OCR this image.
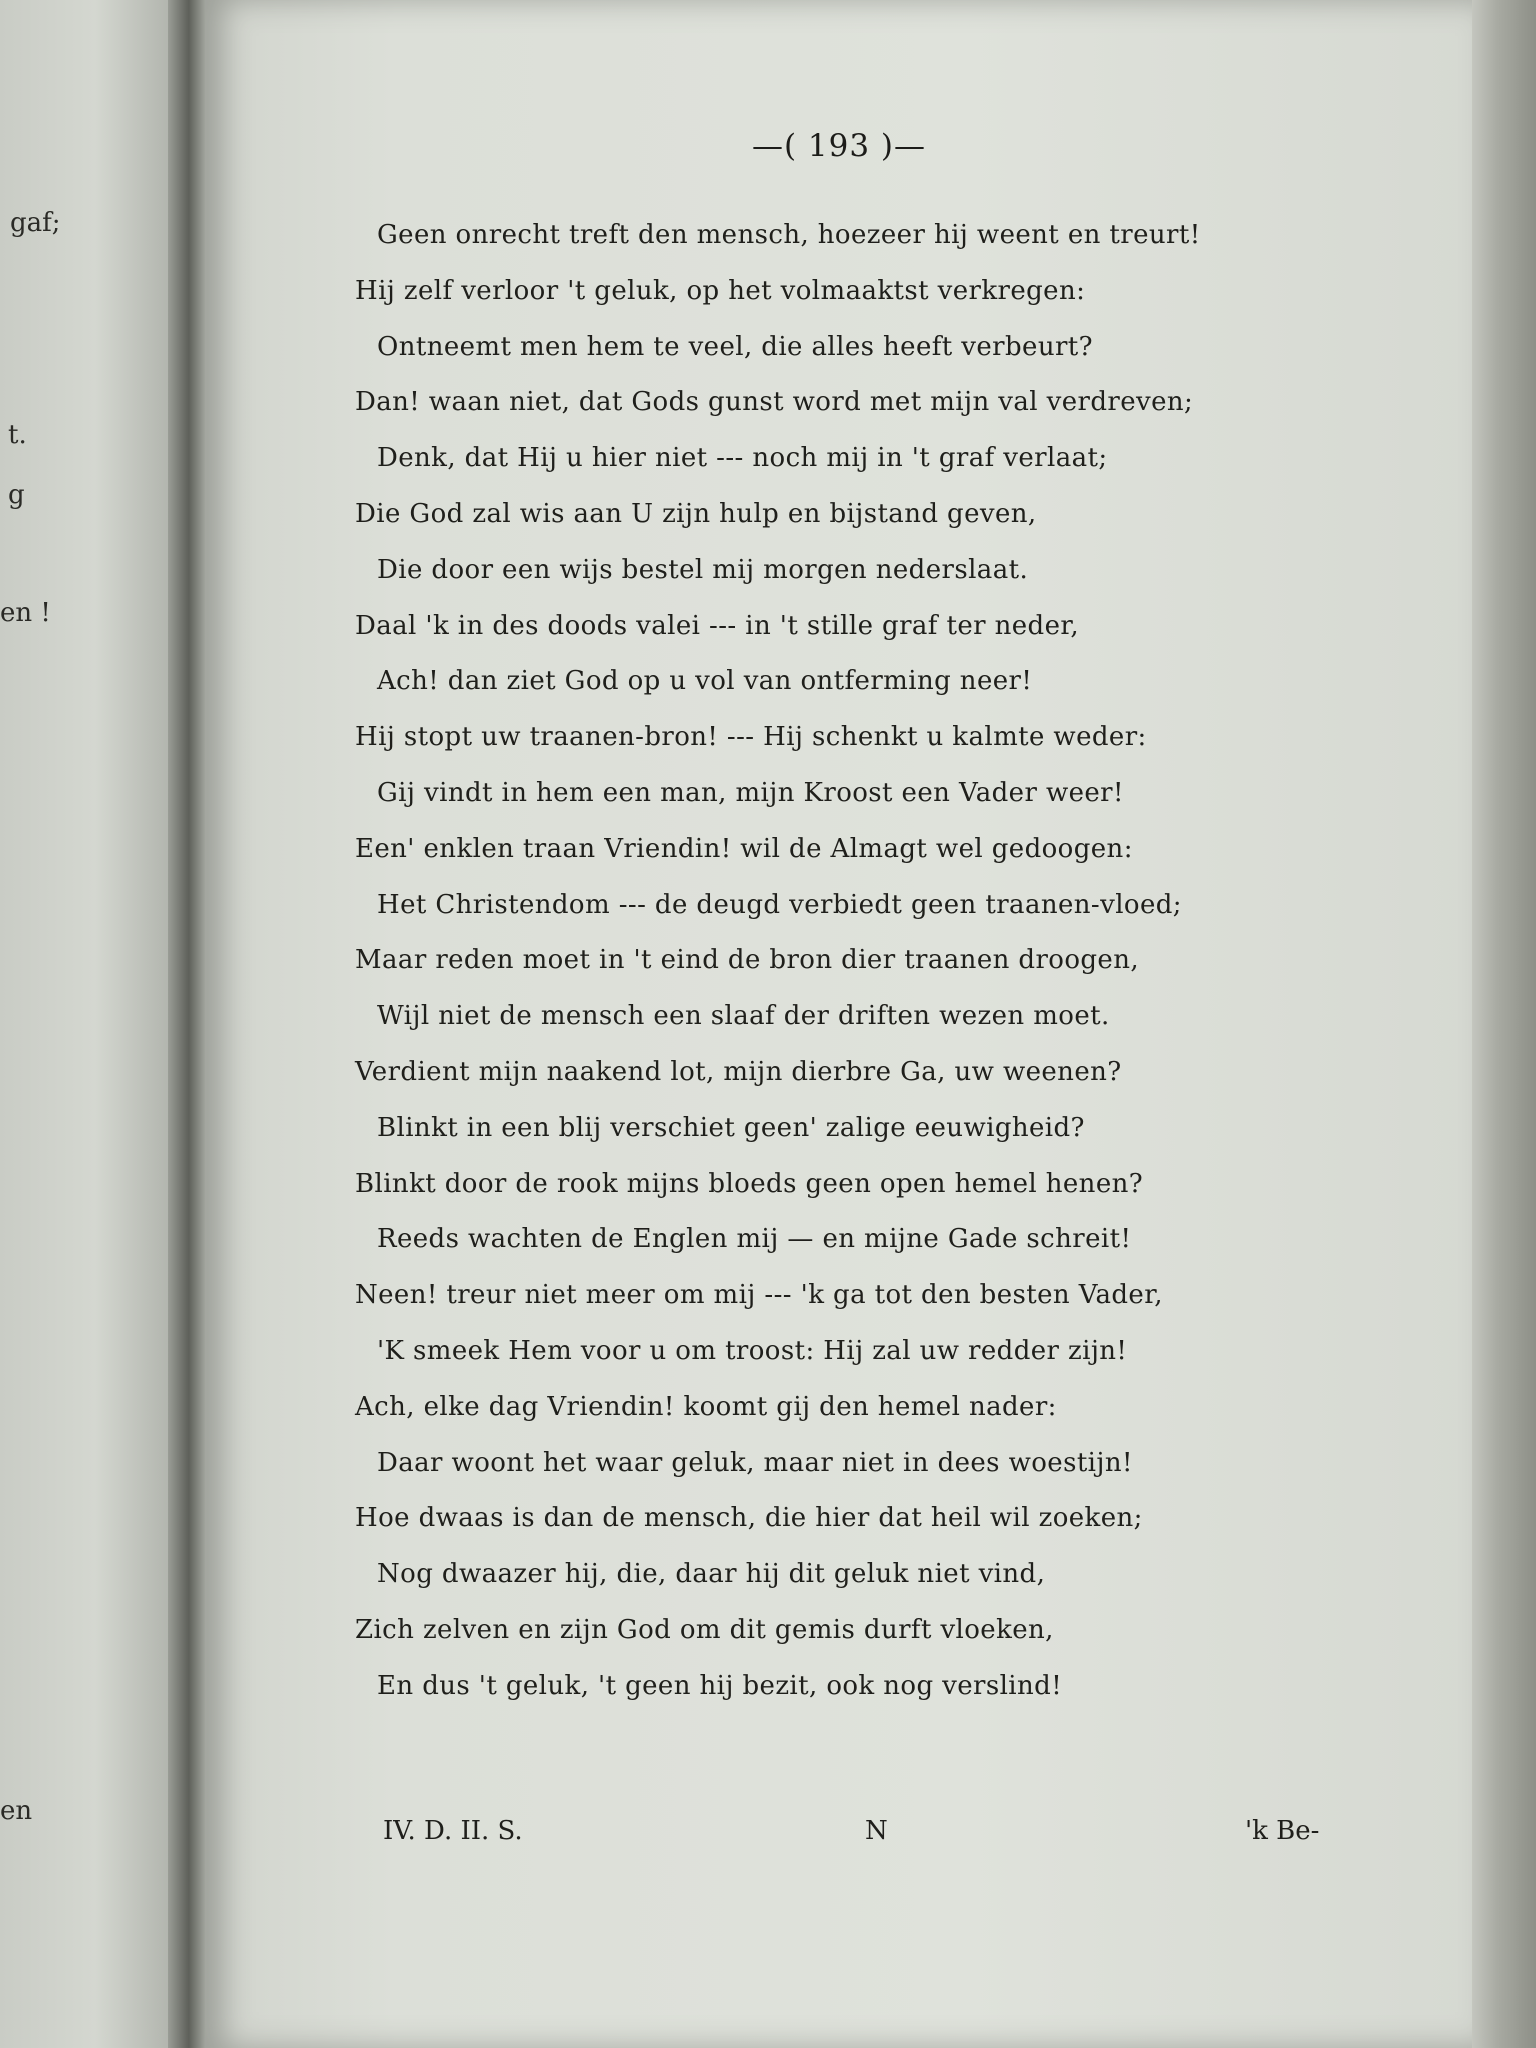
gaf;
t.
g
en !
en
—( 193 )—
Geen onrecht treft den mensch, hoezeer hij weent en treurt!
Hij zelf verloor 't geluk, op het volmaaktst verkregen:
Ontneemt men hem te veel, die alles heeft verbeurt?
Dan! waan niet, dat Gods gunst word met mijn val verdreven;
Denk, dat Hij u hier niet --- noch mij in 't graf verlaat;
Die God zal wis aan U zijn hulp en bijstand geven,
Die door een wijs bestel mij morgen nederslaat.
Daal 'k in des doods valei --- in 't stille graf ter neder,
Ach! dan ziet God op u vol van ontferming neer!
Hij stopt uw traanen-bron! --- Hij schenkt u kalmte weder:
Gij vindt in hem een man, mijn Kroost een Vader weer!
Een' enklen traan Vriendin! wil de Almagt wel gedoogen:
Het Christendom --- de deugd verbiedt geen traanen-vloed;
Maar reden moet in 't eind de bron dier traanen droogen,
Wijl niet de mensch een slaaf der driften wezen moet.
Verdient mijn naakend lot, mijn dierbre Ga, uw weenen?
Blinkt in een blij verschiet geen' zalige eeuwigheid?
Blinkt door de rook mijns bloeds geen open hemel henen?
Reeds wachten de Englen mij — en mijne Gade schreit!
Neen! treur niet meer om mij --- 'k ga tot den besten Vader,
'K smeek Hem voor u om troost: Hij zal uw redder zijn!
Ach, elke dag Vriendin! koomt gij den hemel nader:
Daar woont het waar geluk, maar niet in dees woestijn!
Hoe dwaas is dan de mensch, die hier dat heil wil zoeken;
Nog dwaazer hij, die, daar hij dit geluk niet vind,
Zich zelven en zijn God om dit gemis durft vloeken,
En dus 't geluk, 't geen hij bezit, ook nog verslind!
IV. D. II. S.	N	'k Be-
